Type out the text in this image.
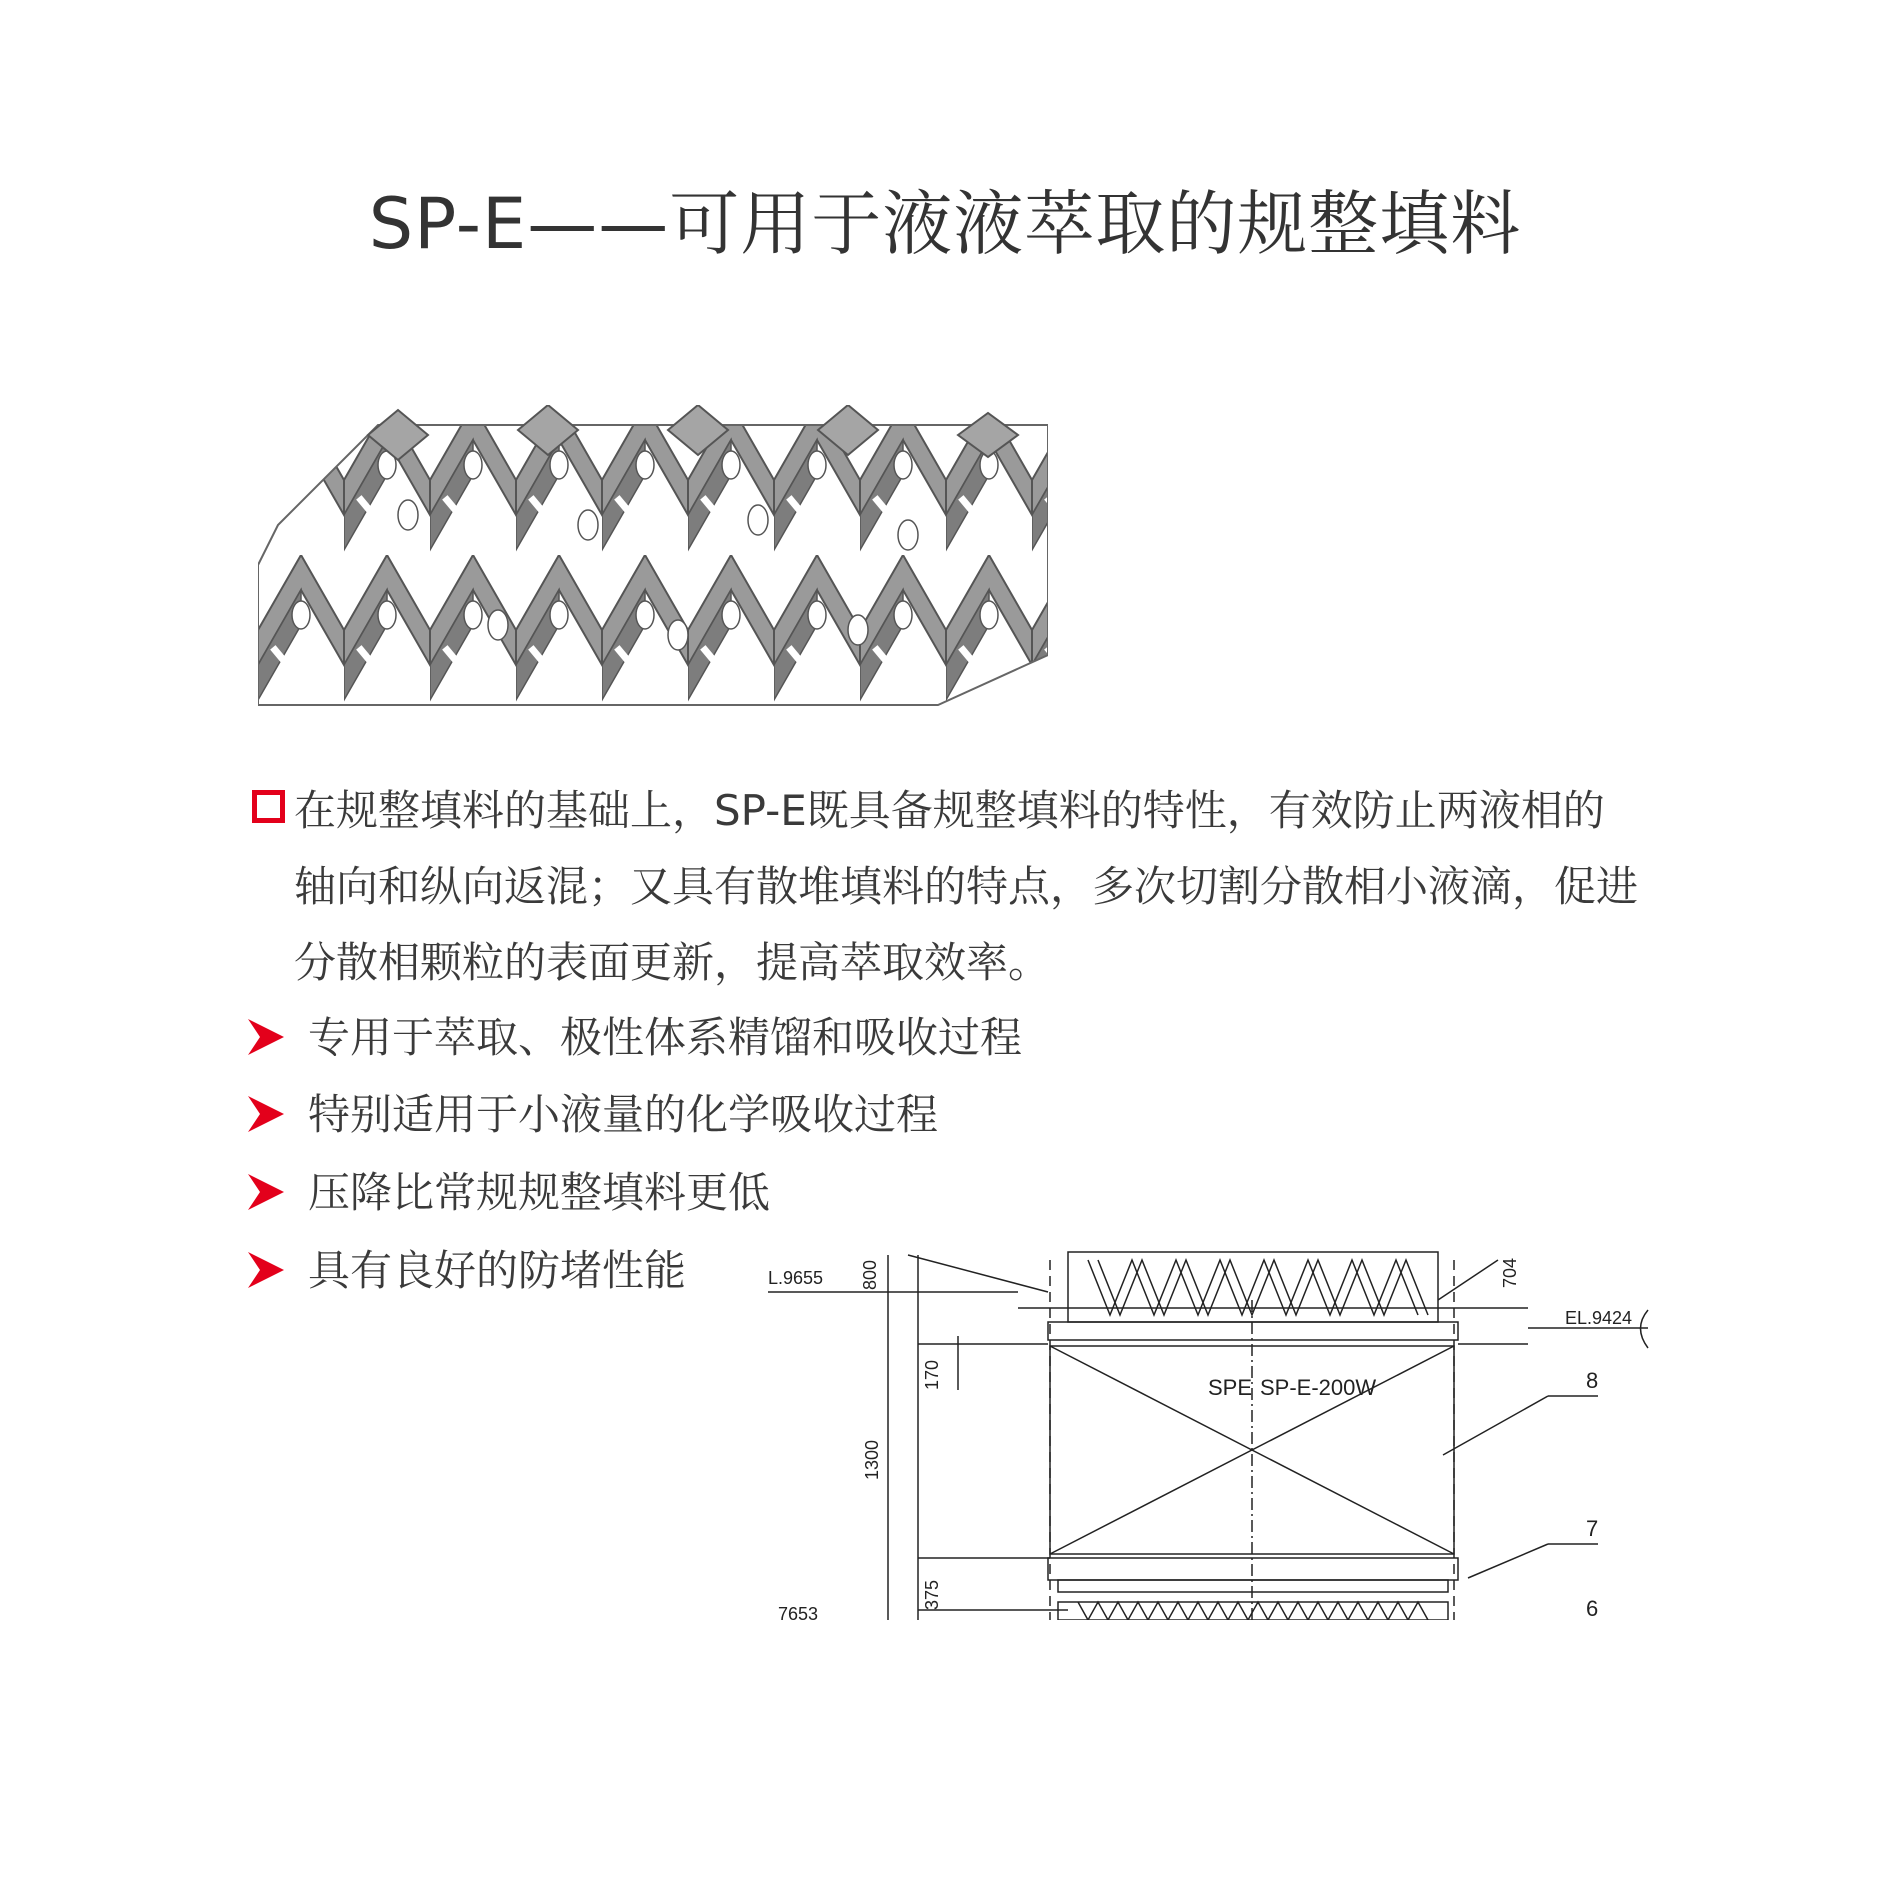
SP-E——可用于液液萃取的规整填料
在规整填料的基础上，SP-E既具备规整填料的特性，有效防止两液相的
轴向和纵向返混；又具有散堆填料的特点，多次切割分散相小液滴，促进
分散相颗粒的表面更新，提高萃取效率。
专用于萃取、极性体系精馏和吸收过程
特别适用于小液量的化学吸收过程
压降比常规规整填料更低
具有良好的防堵性能	L.9655 800	704
EL.9424
170	SPE SP-E-200W	8
1300
7
375
7653	6
